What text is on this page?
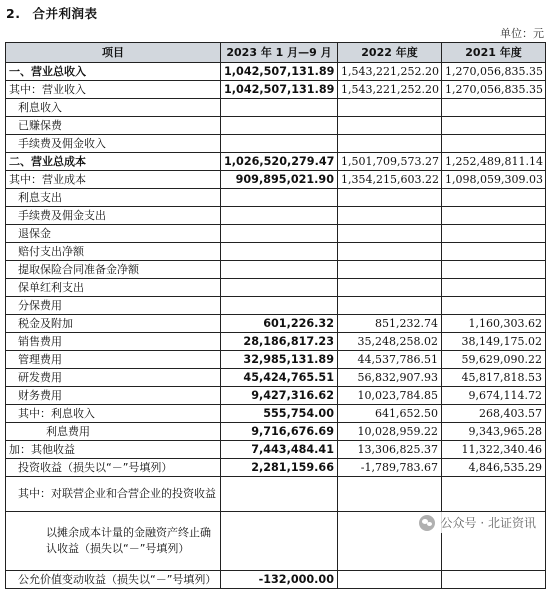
2. 合并利润表
单位：元
项目	2023 年 1 月—9 月	2022 年度	2021 年度
一、营业总收入	1,042,507,131.89	1,543,221,252.20	1,270,056,835.35
其中：营业收入	1,042,507,131.89	1,543,221,252.20	1,270,056,835.35
利息收入			
已赚保费			
手续费及佣金收入			
二、营业总成本	1,026,520,279.47	1,501,709,573.27	1,252,489,811.14
其中：营业成本	909,895,021.90	1,354,215,603.22	1,098,059,309.03
利息支出			
手续费及佣金支出			
退保金			
赔付支出净额			
提取保险合同准备金净额			
保单红利支出			
分保费用			
税金及附加	601,226.32	851,232.74	1,160,303.62
销售费用	28,186,817.23	35,248,258.02	38,149,175.02
管理费用	32,985,131.89	44,537,786.51	59,629,090.22
研发费用	45,424,765.51	56,832,907.93	45,817,818.53
财务费用	9,427,316.62	10,023,784.85	9,674,114.72
其中：利息收入	555,754.00	641,652.50	268,403.57
利息费用	9,716,676.69	10,028,959.22	9,343,965.28
加：其他收益	7,443,484.41	13,306,825.37	11,322,340.46
投资收益（损失以“－”号填列）	2,281,159.66	-1,789,783.67	4,846,535.29
其中：对联营企业和合营企业的投资收益			
以摊余成本计量的金融资产终止确认收益（损失以“－”号填列）			
公允价值变动收益（损失以“－”号填列）	-132,000.00		
公众号 · 北证资讯
